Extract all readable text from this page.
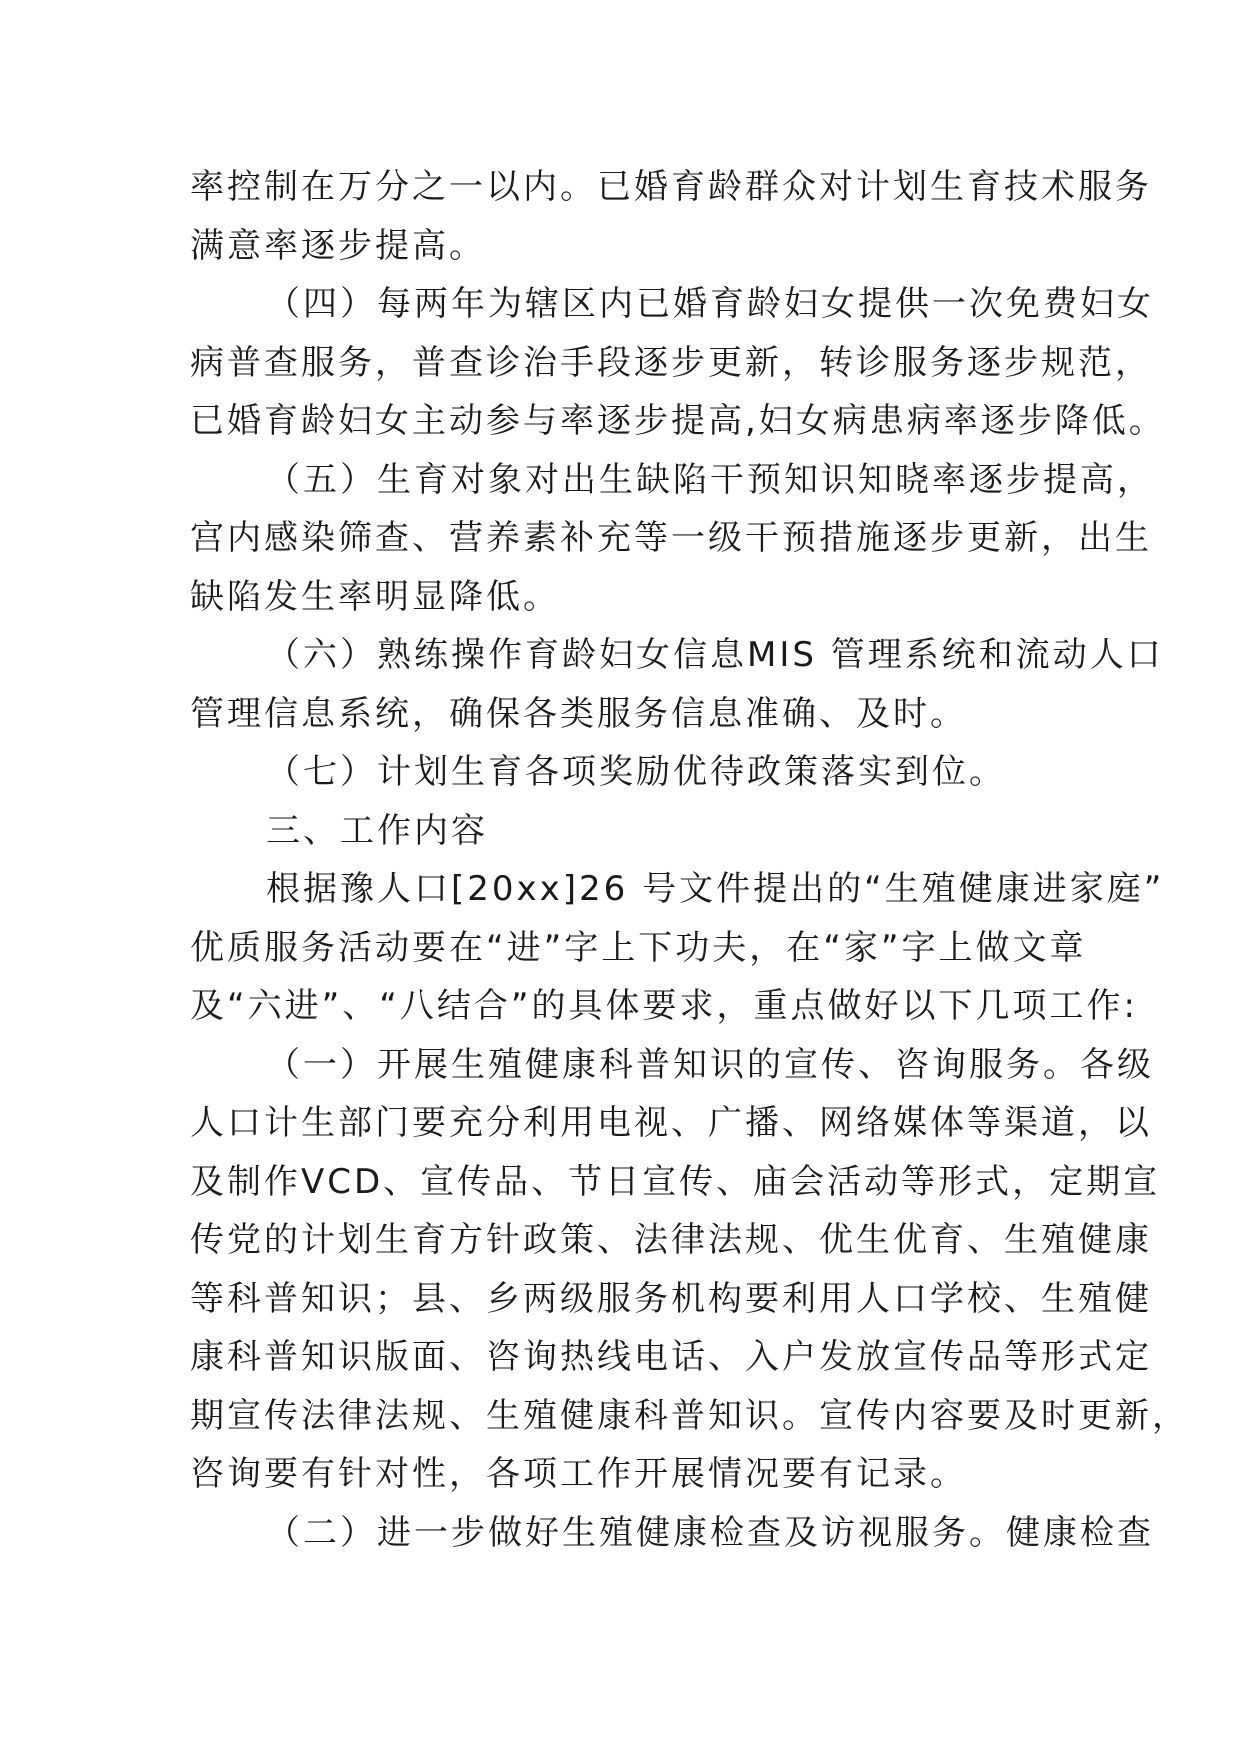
率控制在万分之一以内。已婚育龄群众对计划生育技术服务
满意率逐步提高。
（四）每两年为辖区内已婚育龄妇女提供一次免费妇女
病普查服务，普查诊治手段逐步更新，转诊服务逐步规范，
已婚育龄妇女主动参与率逐步提高,妇女病患病率逐步降低。
（五）生育对象对出生缺陷干预知识知晓率逐步提高，
宫内感染筛查、营养素补充等一级干预措施逐步更新，出生
缺陷发生率明显降低。
（六）熟练操作育龄妇女信息MIS 管理系统和流动人口
管理信息系统，确保各类服务信息准确、及时。
（七）计划生育各项奖励优待政策落实到位。
三、工作内容
根据豫人口[20xx]26 号文件提出的“生殖健康进家庭”
优质服务活动要在“进”字上下功夫，在“家”字上做文章
及“六进”、“八结合”的具体要求，重点做好以下几项工作:
（一）开展生殖健康科普知识的宣传、咨询服务。各级
人口计生部门要充分利用电视、广播、网络媒体等渠道，以
及制作VCD、宣传品、节日宣传、庙会活动等形式，定期宣
传党的计划生育方针政策、法律法规、优生优育、生殖健康
等科普知识；县、乡两级服务机构要利用人口学校、生殖健
康科普知识版面、咨询热线电话、入户发放宣传品等形式定
期宣传法律法规、生殖健康科普知识。宣传内容要及时更新，
咨询要有针对性，各项工作开展情况要有记录。
（二）进一步做好生殖健康检查及访视服务。健康检查
